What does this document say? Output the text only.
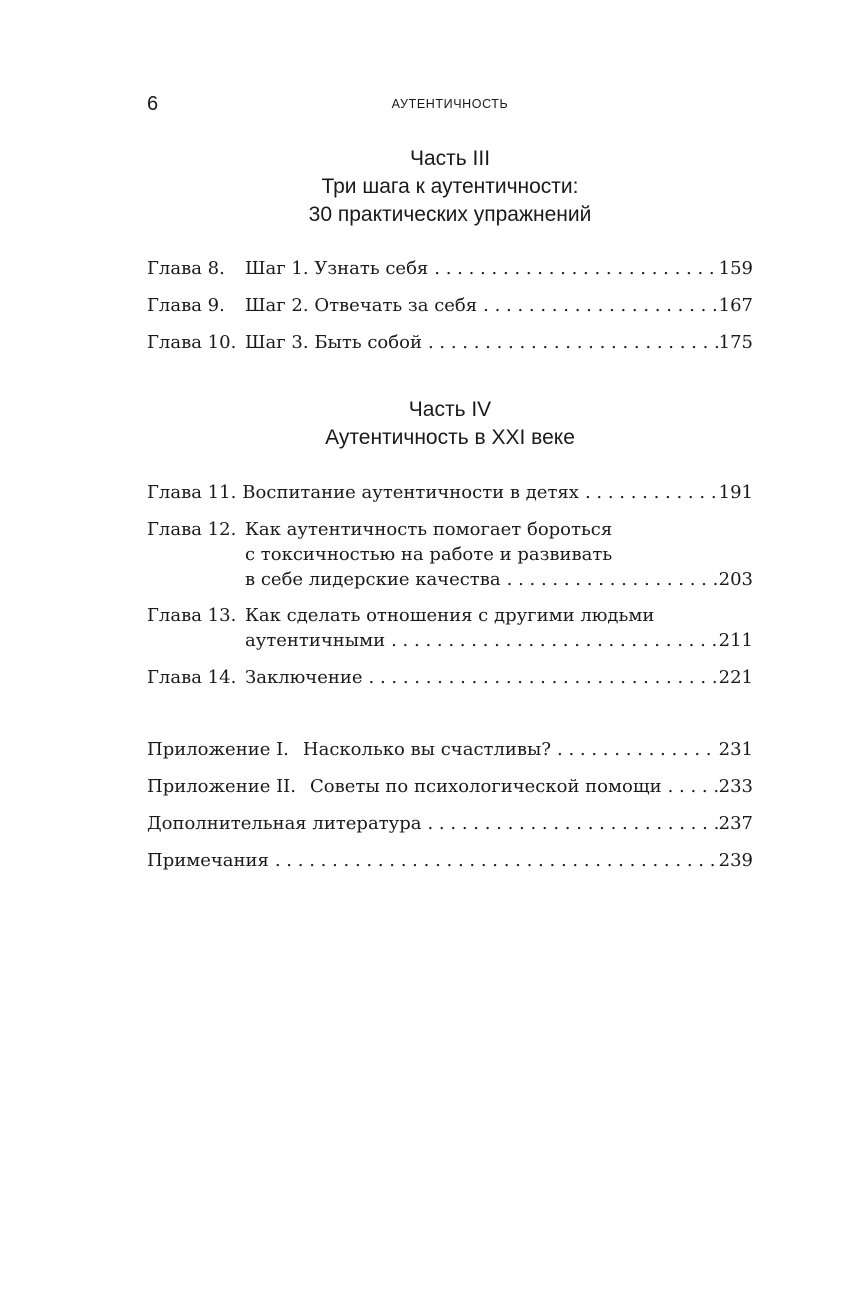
6	АУТЕНТИЧНОСТЬ
Часть III
Три шага к аутентичности:
30 практических упражнений
Глава 8.	Шаг 1. Узнать себя . . .	159
Глава 9.	Шаг 2. Отвечать за себя . . .	167
Глава 10. Шаг 3. Быть собой . . .	175
Часть IV
Аутентичность в XXI веке
Глава 11. Воспитание аутентичности в детях . . .	191
Глава 12. Как аутентичность помогает бороться
с токсичностью на работе и развивать
в себе лидерские качества . . .	203
Глава 13. Как сделать отношения с другими людьми
аутентичными . . .	211
Глава 14. Заключение . . .	221
Приложение I. Насколько вы счастливы? . . .	231
Приложение II. Советы по психологической помощи . . .	233
Дополнительная литература . . .	237
Примечания . . .	239
